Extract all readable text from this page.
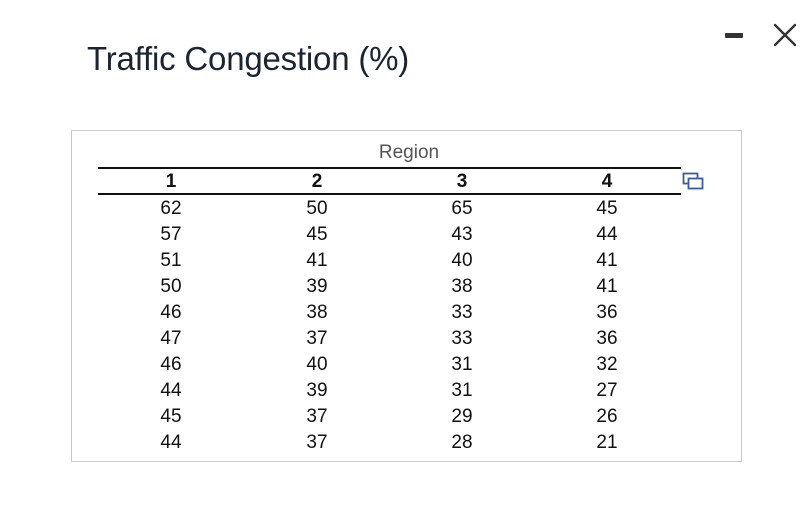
Traffic Congestion (%)
Region
1	2	3	4
62	50	65	45
57	45	43	44
51	41	40	41
50	39	38	41
46	38	33	36
47	37	33	36
46	40	31	32
44	39	31	27
45	37	29	26
44	37	28	21
